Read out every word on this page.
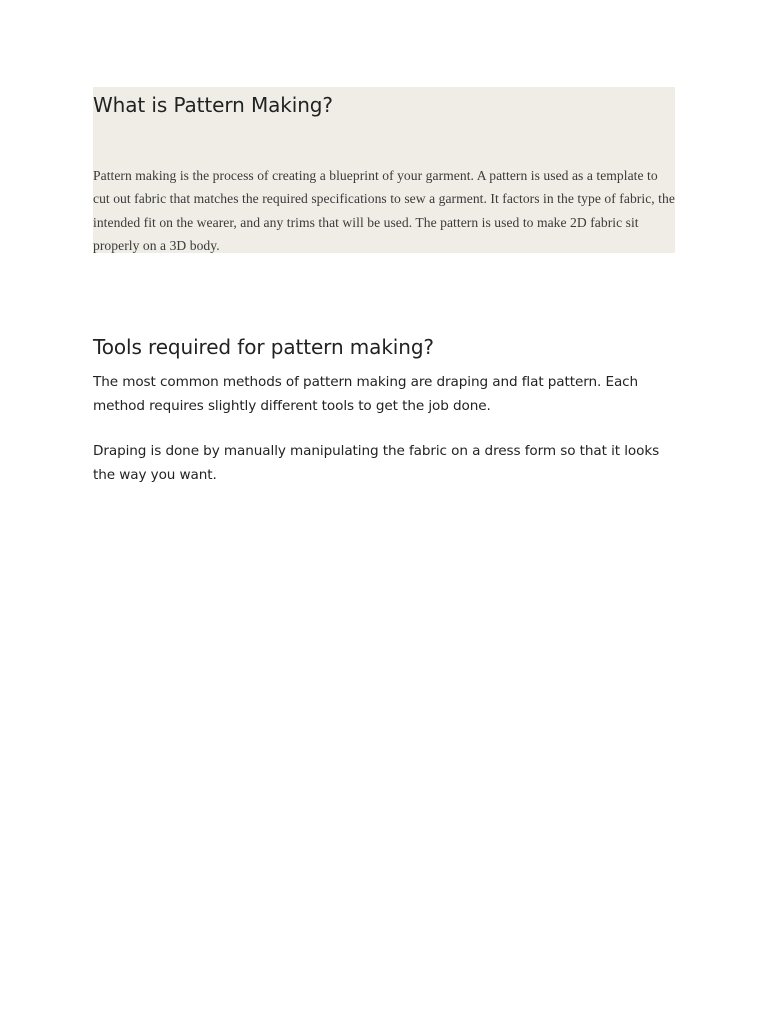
What is Pattern Making?

Pattern making is the process of creating a blueprint of your garment. A pattern is used as a template to cut out fabric that matches the required specifications to sew a garment. It factors in the type of fabric, the intended fit on the wearer, and any trims that will be used. The pattern is used to make 2D fabric sit properly on a 3D body.

Tools required for pattern making?

The most common methods of pattern making are draping and flat pattern. Each method requires slightly different tools to get the job done.

Draping is done by manually manipulating the fabric on a dress form so that it looks the way you want.
